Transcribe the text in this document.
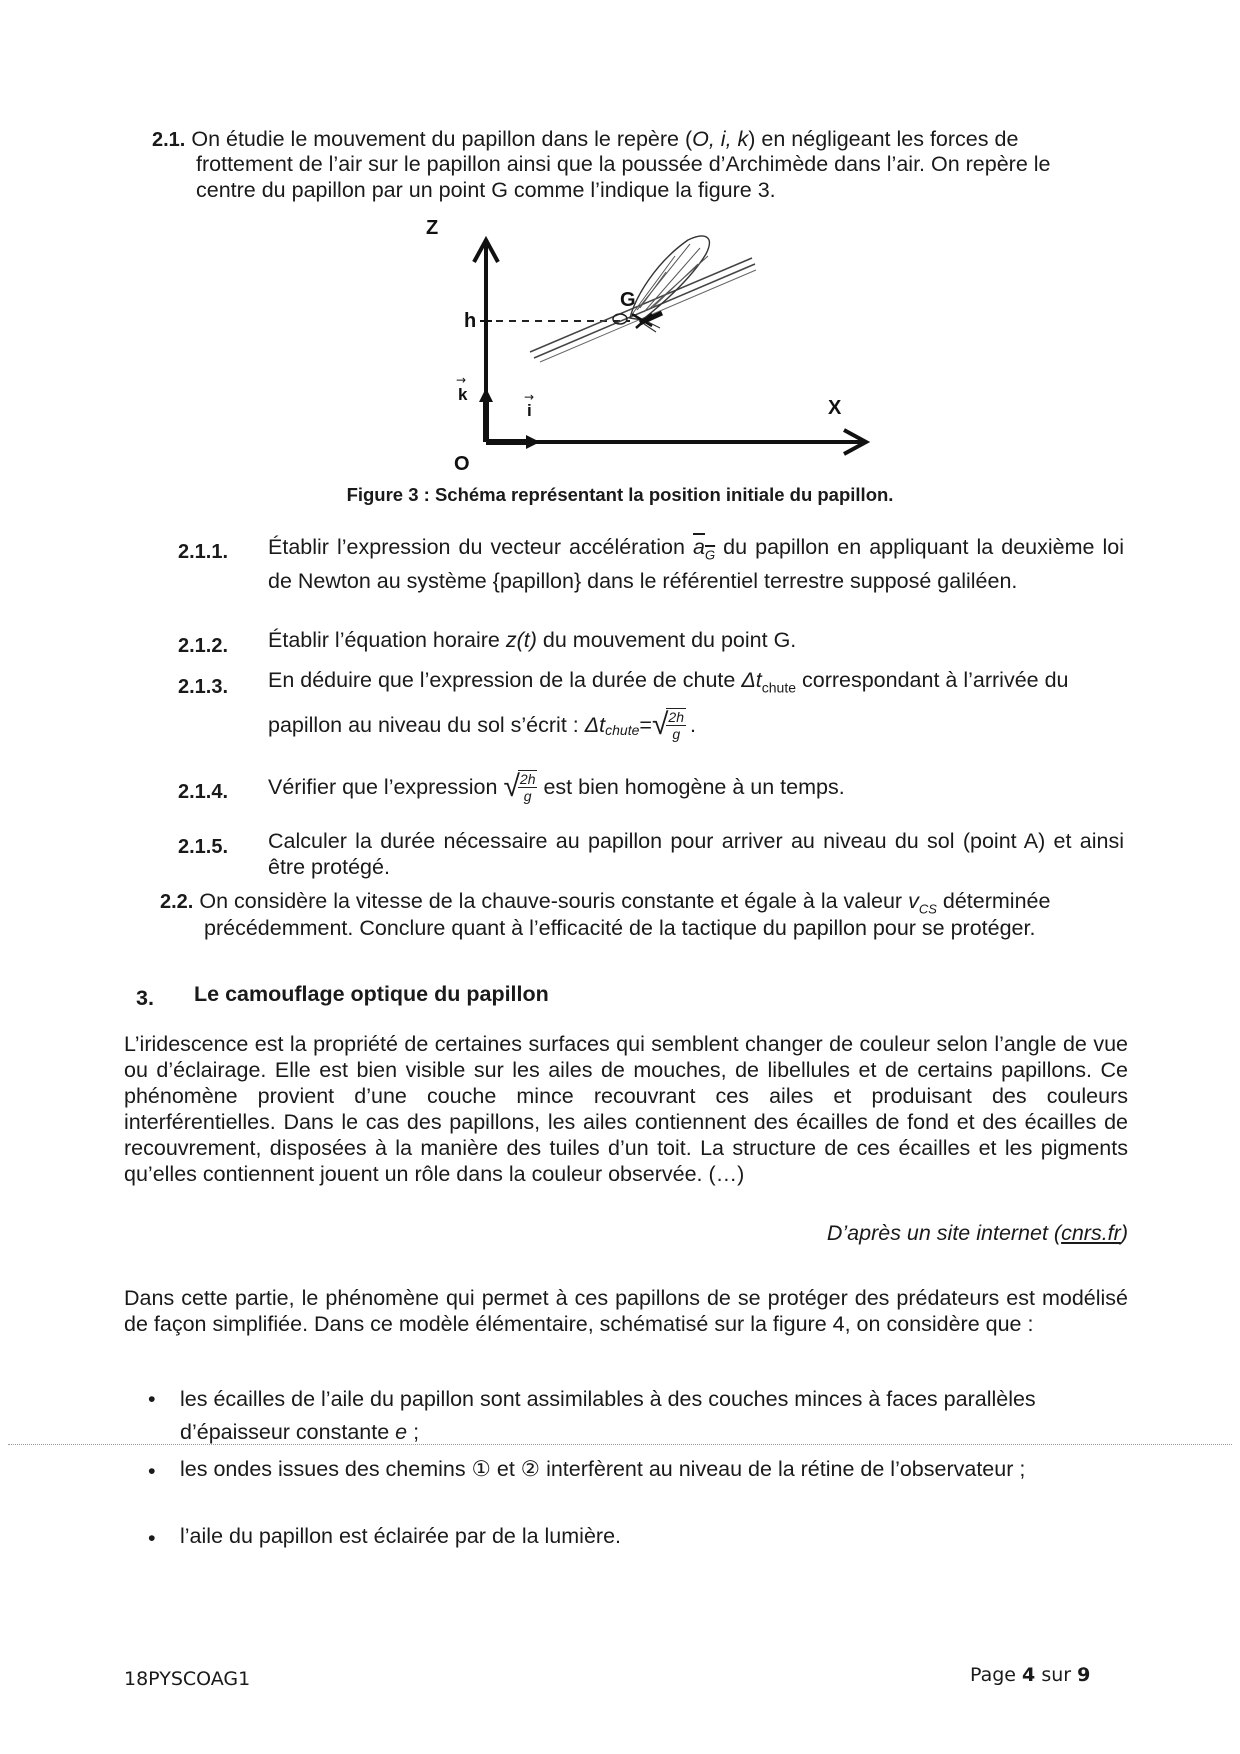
2.1. On étudie le mouvement du papillon dans le repère (O, i, k) en négligeant les forces de
frottement de l’air sur le papillon ainsi que la poussée d’Archimède dans l’air. On repère le
centre du papillon par un point G comme l’indique la figure 3.
Z
h
k
→
i
→
O
X
G
Figure 3 : Schéma représentant la position initiale du papillon.
2.1.1. Établir l’expression du vecteur accélération $a_G$ du papillon en appliquant la deuxième loi de Newton au système {papillon} dans le référentiel terrestre supposé galiléen.
2.1.2. Établir l’équation horaire z(t) du mouvement du point G.
2.1.3. En déduire que l’expression de la durée de chute $\Delta t_{chute}$ correspondant à l’arrivée du
papillon au niveau du sol s’écrit :
$\Delta t_{chute}$ = √
$\frac{2h}{g}$ .
2.1.4. Vérifier que l’expression
√
$\frac{2h}{g}$
est bien homogène à un temps.
2.1.5. Calculer la durée nécessaire au papillon pour arriver au niveau du sol (point A) et ainsi être protégé.
2.2. On considère la vitesse de la chauve-souris constante et égale à la valeur $v_{CS}$ déterminée
précédemment. Conclure quant à l’efficacité de la tactique du papillon pour se protéger.
3. Le camouflage optique du papillon
L’iridescence est la propriété de certaines surfaces qui semblent changer de couleur selon l’angle de vue ou d’éclairage. Elle est bien visible sur les ailes de mouches, de libellules et de certains papillons. Ce phénomène provient d’une couche mince recouvrant ces ailes et produisant des couleurs interférentielles. Dans le cas des papillons, les ailes contiennent des écailles de fond et des écailles de recouvrement, disposées à la manière des tuiles d’un toit. La structure de ces écailles et les pigments qu’elles contiennent jouent un rôle dans la couleur observée. (…)
D’après un site internet (cnrs.fr)
Dans cette partie, le phénomène qui permet à ces papillons de se protéger des prédateurs est modélisé de façon simplifiée. Dans ce modèle élémentaire, schématisé sur la figure 4, on considère que :
• les écailles de l’aile du papillon sont assimilables à des couches minces à faces parallèles
d’épaisseur constante e ;
• les ondes issues des chemins ① et ② interfèrent au niveau de la rétine de l’observateur ;
• l’aile du papillon est éclairée par de la lumière.
18PYSCOAG1	Page 4 sur 9
